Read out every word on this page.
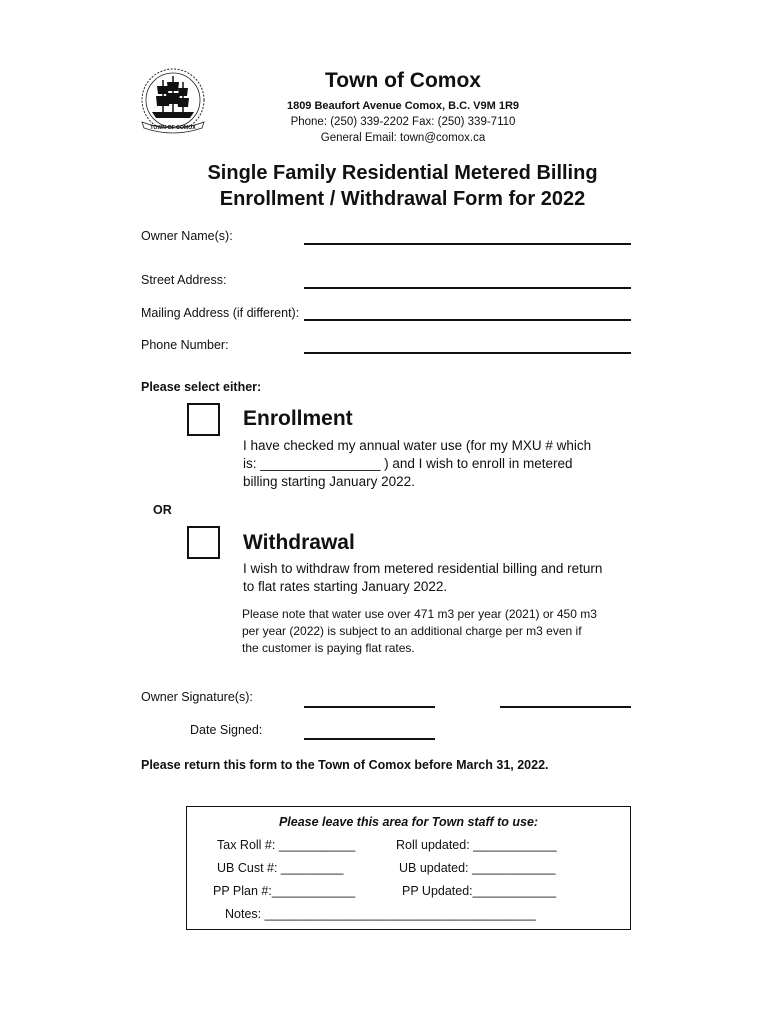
TOWN OF COMOX
Town of Comox
1809 Beaufort Avenue Comox, B.C. V9M 1R9
Phone: (250) 339-2202 Fax: (250) 339-7110
General Email: town@comox.ca
Single Family Residential Metered Billing
Enrollment / Withdrawal Form for 2022
Owner Name(s):
Street Address:
Mailing Address (if different):
Phone Number:
Please select either:
Enrollment
I have checked my annual water use (for my MXU # which
is: ________________ ) and I wish to enroll in metered
billing starting January 2022.
OR
Withdrawal
I wish to withdraw from metered residential billing and return
to flat rates starting January 2022.
Please note that water use over 471 m3 per year (2021) or 450 m3
per year (2022) is subject to an additional charge per m3 even if
the customer is paying flat rates.
Owner Signature(s):
Date Signed:
Please return this form to the Town of Comox before March 31, 2022.
Please leave this area for Town staff to use:
Tax Roll #: ___________	Roll updated: ____________
UB Cust #: _________	UB updated: ____________
PP Plan #:____________	PP Updated:____________
Notes: _______________________________________
